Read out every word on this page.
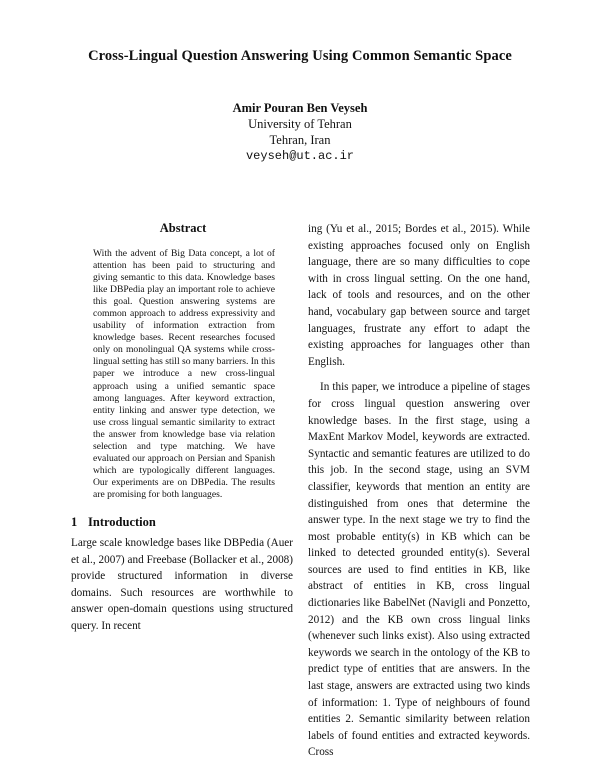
Cross-Lingual Question Answering Using Common Semantic Space
Amir Pouran Ben Veyseh
University of Tehran
Tehran, Iran
veyseh@ut.ac.ir
Abstract
With the advent of Big Data concept, a lot of attention has been paid to structuring and giving semantic to this data. Knowledge bases like DBPedia play an important role to achieve this goal. Question answering systems are common approach to address expressivity and usability of information extraction from knowledge bases. Recent researches focused only on monolingual QA systems while cross-lingual setting has still so many barriers. In this paper we introduce a new cross-lingual approach using a unified semantic space among languages. After keyword extraction, entity linking and answer type detection, we use cross lingual semantic similarity to extract the answer from knowledge base via relation selection and type matching. We have evaluated our approach on Persian and Spanish which are typologically different languages. Our experiments are on DBPedia. The results are promising for both languages.
1 Introduction

Large scale knowledge bases like DBPedia (Auer et al., 2007) and Freebase (Bollacker et al., 2008) provide structured information in diverse domains. Such resources are worthwhile to answer open-domain questions using structured query. In recent

ing (Yu et al., 2015; Bordes et al., 2015). While existing approaches focused only on English language, there are so many difficulties to cope with in cross lingual setting. On the one hand, lack of tools and resources, and on the other hand, vocabulary gap between source and target languages, frustrate any effort to adapt the existing approaches for languages other than English.

In this paper, we introduce a pipeline of stages for cross lingual question answering over knowledge bases. In the first stage, using a MaxEnt Markov Model, keywords are extracted. Syntactic and semantic features are utilized to do this job. In the second stage, using an SVM classifier, keywords that mention an entity are distinguished from ones that determine the answer type. In the next stage we try to find the most probable entity(s) in KB which can be linked to detected grounded entity(s). Several sources are used to find entities in KB, like abstract of entities in KB, cross lingual dictionaries like BabelNet (Navigli and Ponzetto, 2012) and the KB own cross lingual links (whenever such links exist). Also using extracted keywords we search in the ontology of the KB to predict type of entities that are answers. In the last stage, answers are extracted using two kinds of information: 1. Type of neighbours of found entities 2. Semantic similarity between relation labels of found entities and extracted keywords. Cross
